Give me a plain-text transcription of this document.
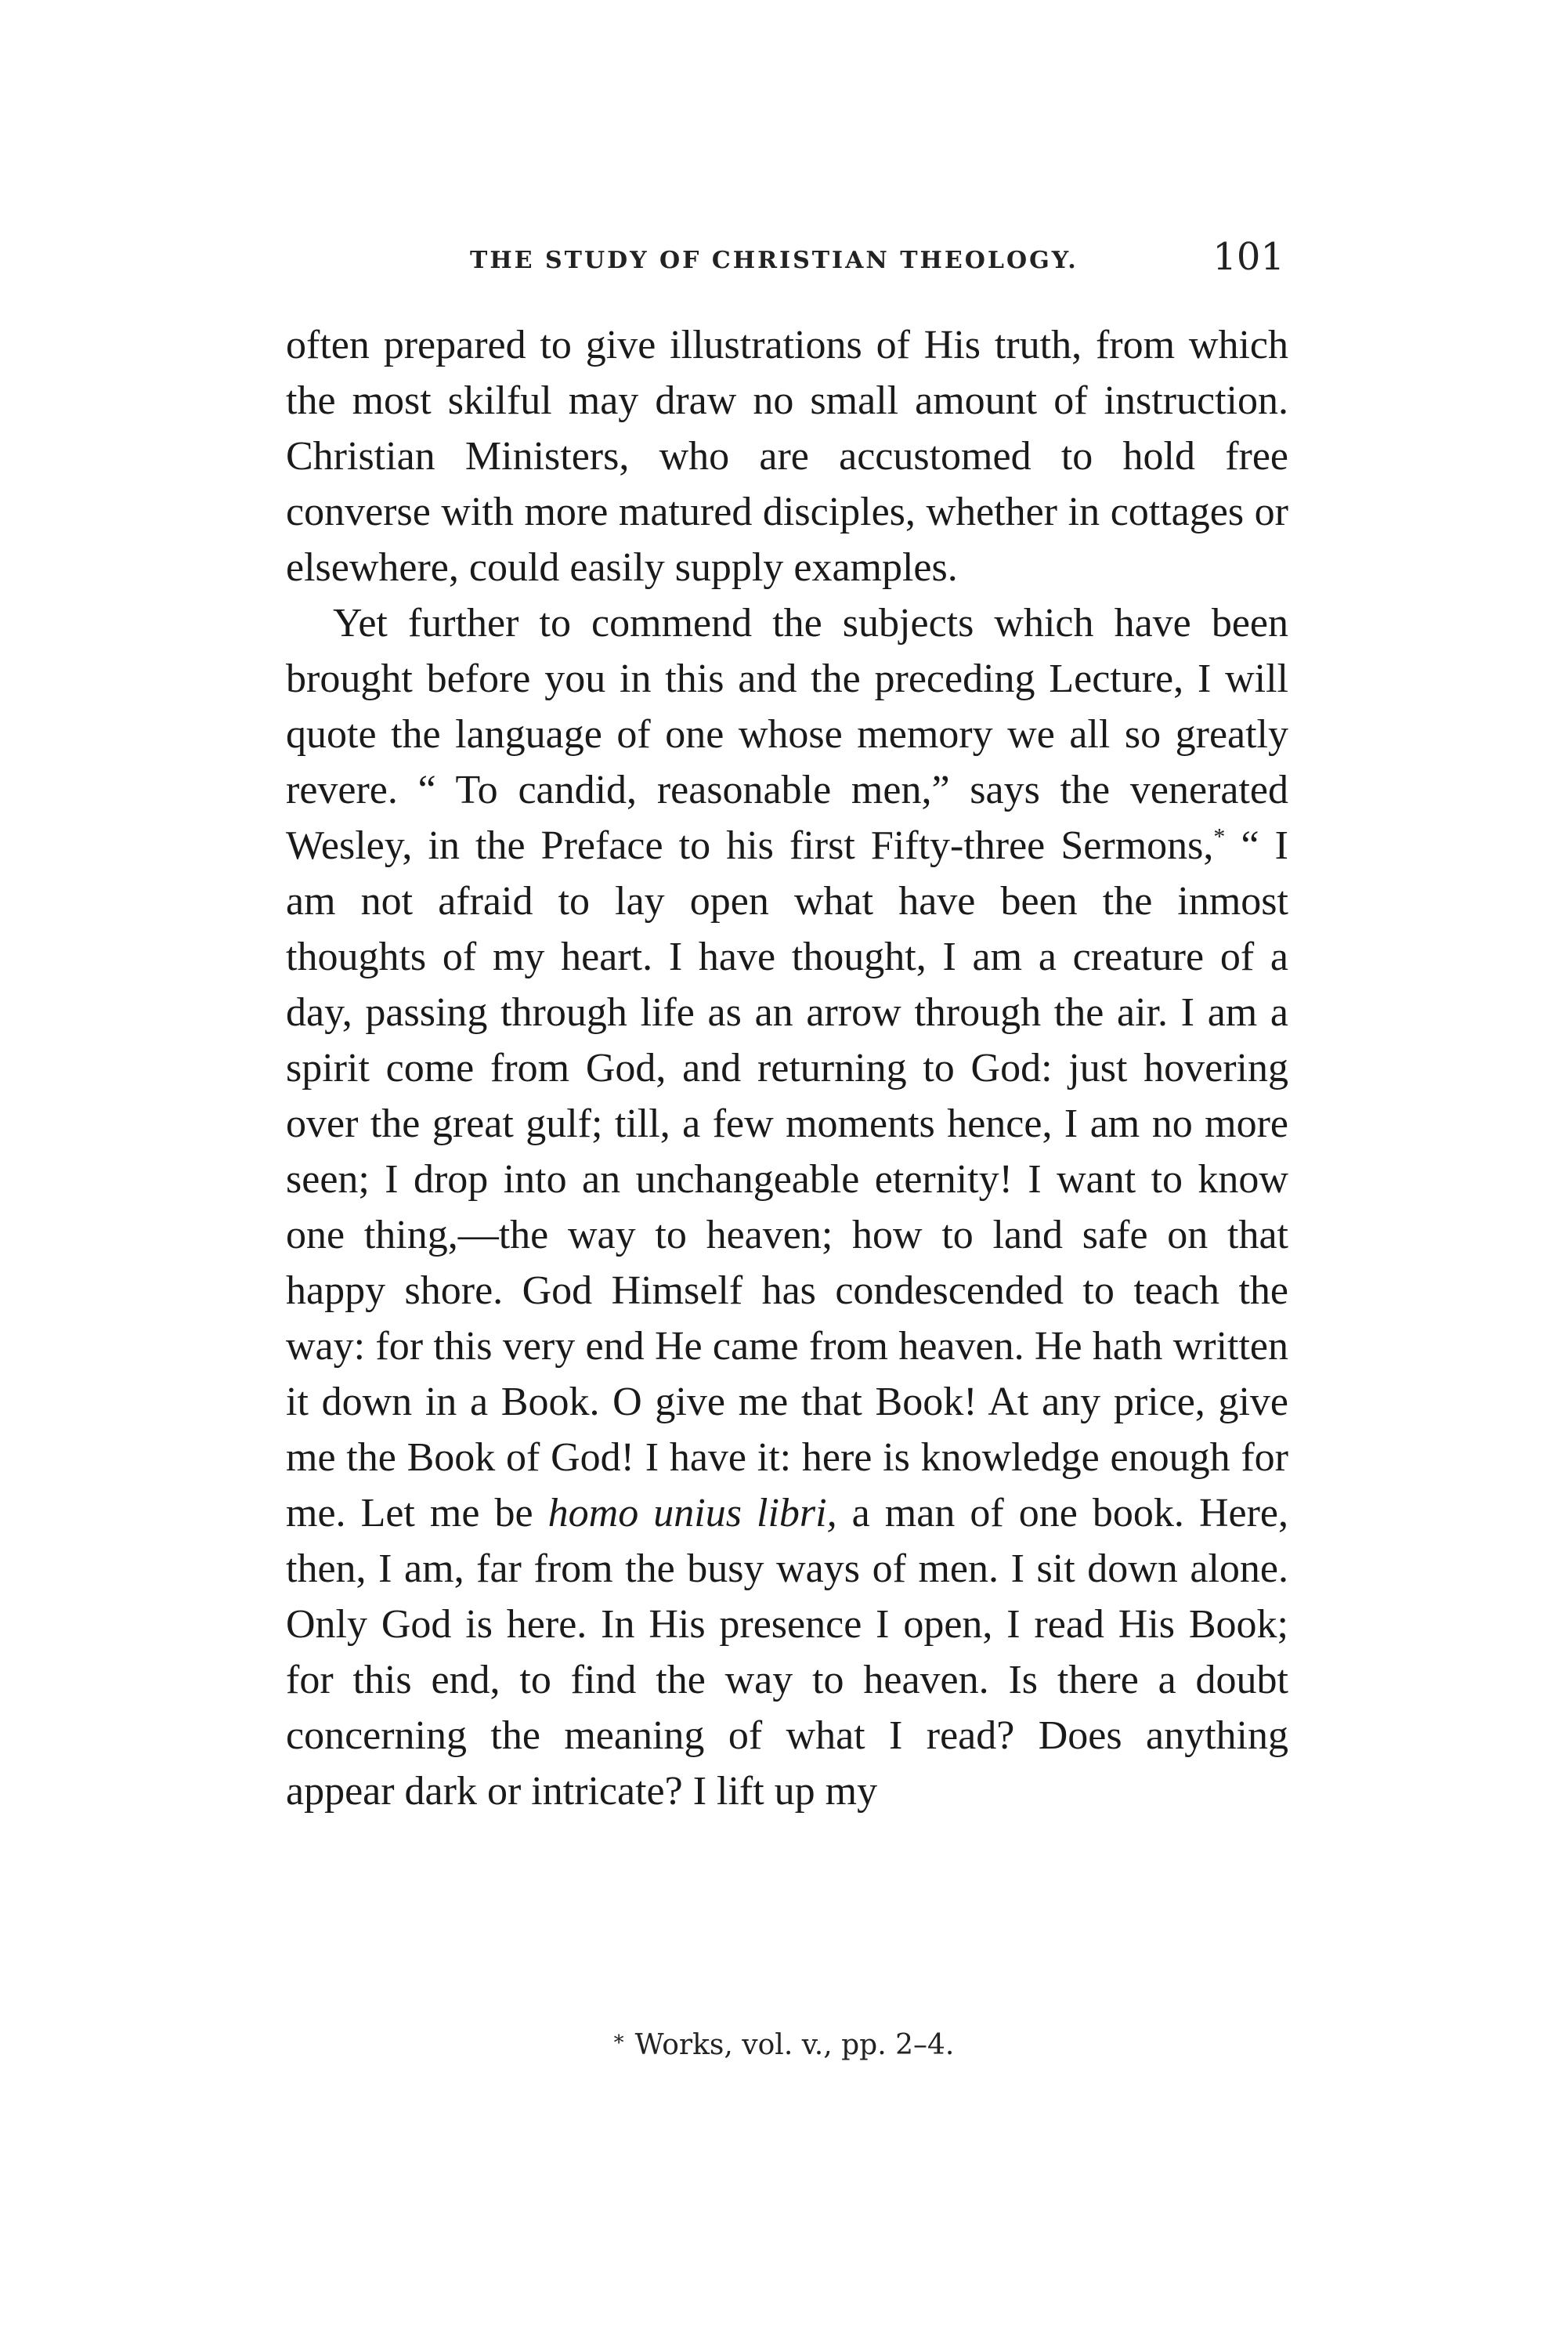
THE STUDY OF CHRISTIAN THEOLOGY.	101

often prepared to give illustrations of His truth, from which the most skilful may draw no small amount of instruction. Christian Ministers, who are accustomed to hold free converse with more matured disciples, whether in cottages or elsewhere, could easily supply examples.

Yet further to commend the subjects which have been brought before you in this and the preceding Lecture, I will quote the language of one whose memory we all so greatly revere. “ To candid, reasonable men,” says the venerated Wesley, in the Preface to his first Fifty-three Sermons,* “ I am not afraid to lay open what have been the inmost thoughts of my heart. I have thought, I am a creature of a day, passing through life as an arrow through the air. I am a spirit come from God, and returning to God: just hovering over the great gulf; till, a few moments hence, I am no more seen; I drop into an unchangeable eternity! I want to know one thing,—the way to heaven; how to land safe on that happy shore. God Himself has condescended to teach the way: for this very end He came from heaven. He hath written it down in a Book. O give me that Book! At any price, give me the Book of God! I have it: here is knowledge enough for me. Let me be homo unius libri, a man of one book. Here, then, I am, far from the busy ways of men. I sit down alone. Only God is here. In His presence I open, I read His Book; for this end, to find the way to heaven. Is there a doubt concerning the meaning of what I read? Does anything appear dark or intricate? I lift up my

* Works, vol. v., pp. 2–4.
